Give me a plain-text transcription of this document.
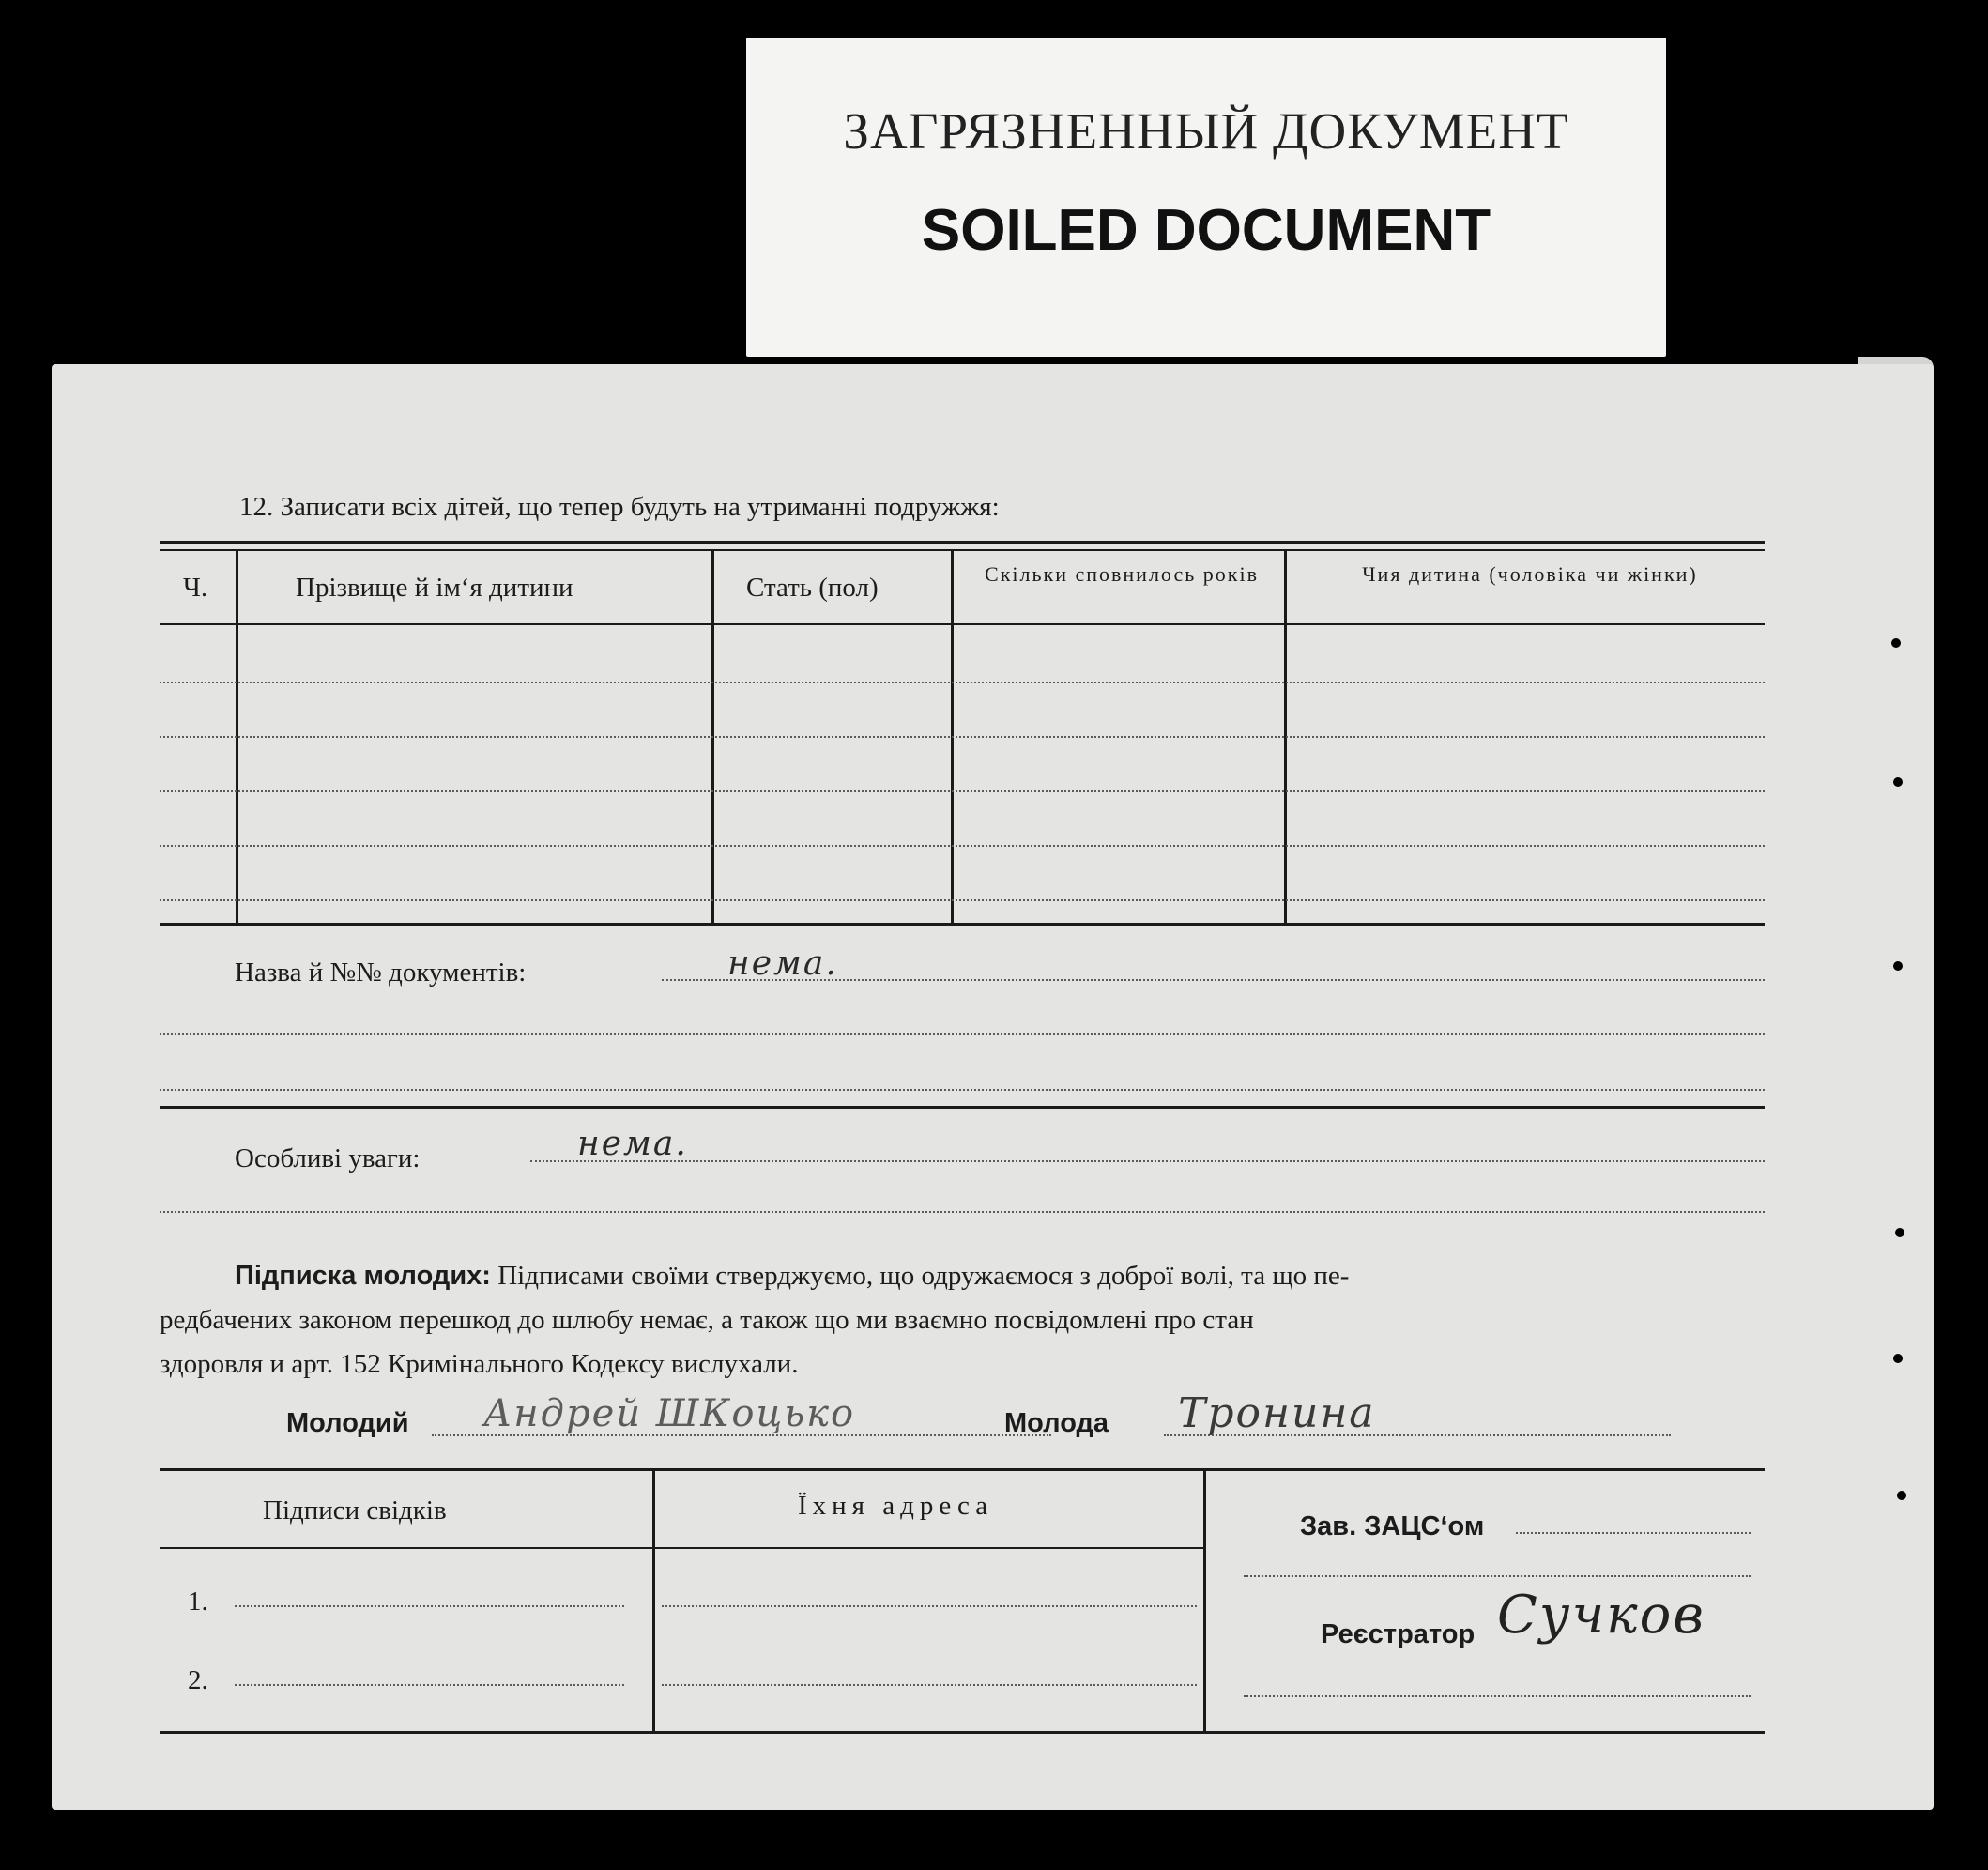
ЗАГРЯЗНЕННЫЙ ДОКУМЕНТ
SOILED DOCUMENT
12. Записати всіх дітей, що тепер будуть на утриманні подружжя:
Ч.	Прізвище й ім‘я дитини	Стать (пол)	Скільки сповнилось років	Чия дитина (чоловіка чи жінки)
Назва й №№ документів:	нема.
Особливі уваги:	нема.
Підписка молодих: Підписами своїми стверджуємо, що одружаємося з доброї волі, та що пе-
редбачених законом перешкод до шлюбу немає, а також що ми взаємно посвідомлені про стан
здоровля и арт. 152 Кримінального Кодексу вислухали.
Молодий Андрей ШКоцько	Молода Тронина
Підписи свідків	Їхня адреса
1.
2.
Зав. ЗАЦС‘ом
Реєстратор Сучков
